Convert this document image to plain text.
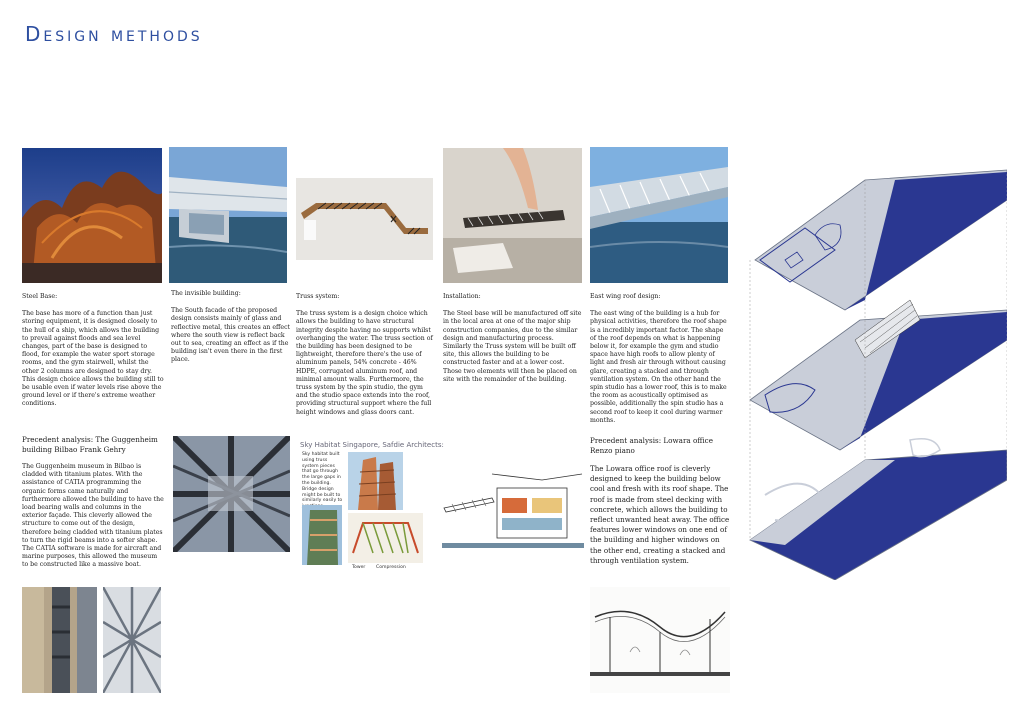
Design methods

Steel Base:

The base has more of a function than just storing equipment, it is designed closely to the hull of a ship, which allows the building to prevail against floods and sea level changes, part of the base is designed to flood, for example the water sport storage rooms, and the gym stairwell, whilst the other 2 columns are designed to stay dry. This design choice allows the building still to be usable even if water levels rise above the ground level or if there's extreme weather conditions.

The invisible building:

The South facade of the proposed design consists mainly of glass and reflective metal, this creates an effect where the south view is reflect back out to sea, creating an effect as if the building isn't even there in the first place.

Truss system:

The truss system is a design choice which allows the building to have structural integrity despite having no supports whilst overhanging the water. The truss section of the building has been designed to be lightweight, therefore there's the use of aluminum panels, 54% concrete - 46% HDPE, corrugated aluminum roof, and minimal amount walls. Furthermore, the truss system by the spin studio, the gym and the studio space extends into the roof, providing structural support where the full height windows and glass doors cant.

Installation:

The Steel base will be manufactured off site in the local area at one of the major ship construction companies, due to the similar design and manufacturing process. Similarly the Truss system will be built off site, this allows the building to be constructed faster and at a lower cost. Those two elements will then be placed on site with the remainder of the building.

East wing roof design:

The east wing of the building is a hub for physical activities, therefore the roof shape is a incredibly important factor. The shape of the roof depends on what is happening below it, for example the gym and studio space have high roofs to allow plenty of light and fresh air through without causing glare, creating a stacked and through ventilation system. On the other hand the spin studio has a lower roof, this is to make the room as acoustically optimised as possible, additionally the spin studio has a second roof to keep it cool during warmer months.

Precedent analysis: The Guggenheim building Bilbao Frank Gehry

The Guggenheim museum in Bilbao is cladded with titanium plates. With the assistance of CATIA programming the organic forms came naturally and furthermore allowed the building to have the load bearing walls and columns in the exterior façade. This cleverly allowed the structure to come out of the design, therefore being cladded with titanium plates to turn the rigid beams into a softer shape. The CATIA software is made for aircraft and marine purposes, this allowed the museum to be constructed like a massive boat.

Sky Habitat Singapore, Safdie Architects:
Sky habitat built using truss system pieces that go through the large gaps in the building. Bridge design might be built to similarly easily to
Tower Compression

Precedent analysis: Lowara office Renzo piano

The Lowara office roof is cleverly designed to keep the building below cool and fresh with its roof shape. The roof is made from steel decking with concrete, which allows the building to reflect unwanted heat away. The office features lower windows on one end of the building and higher windows on the other end, creating a stacked and through ventilation system.
